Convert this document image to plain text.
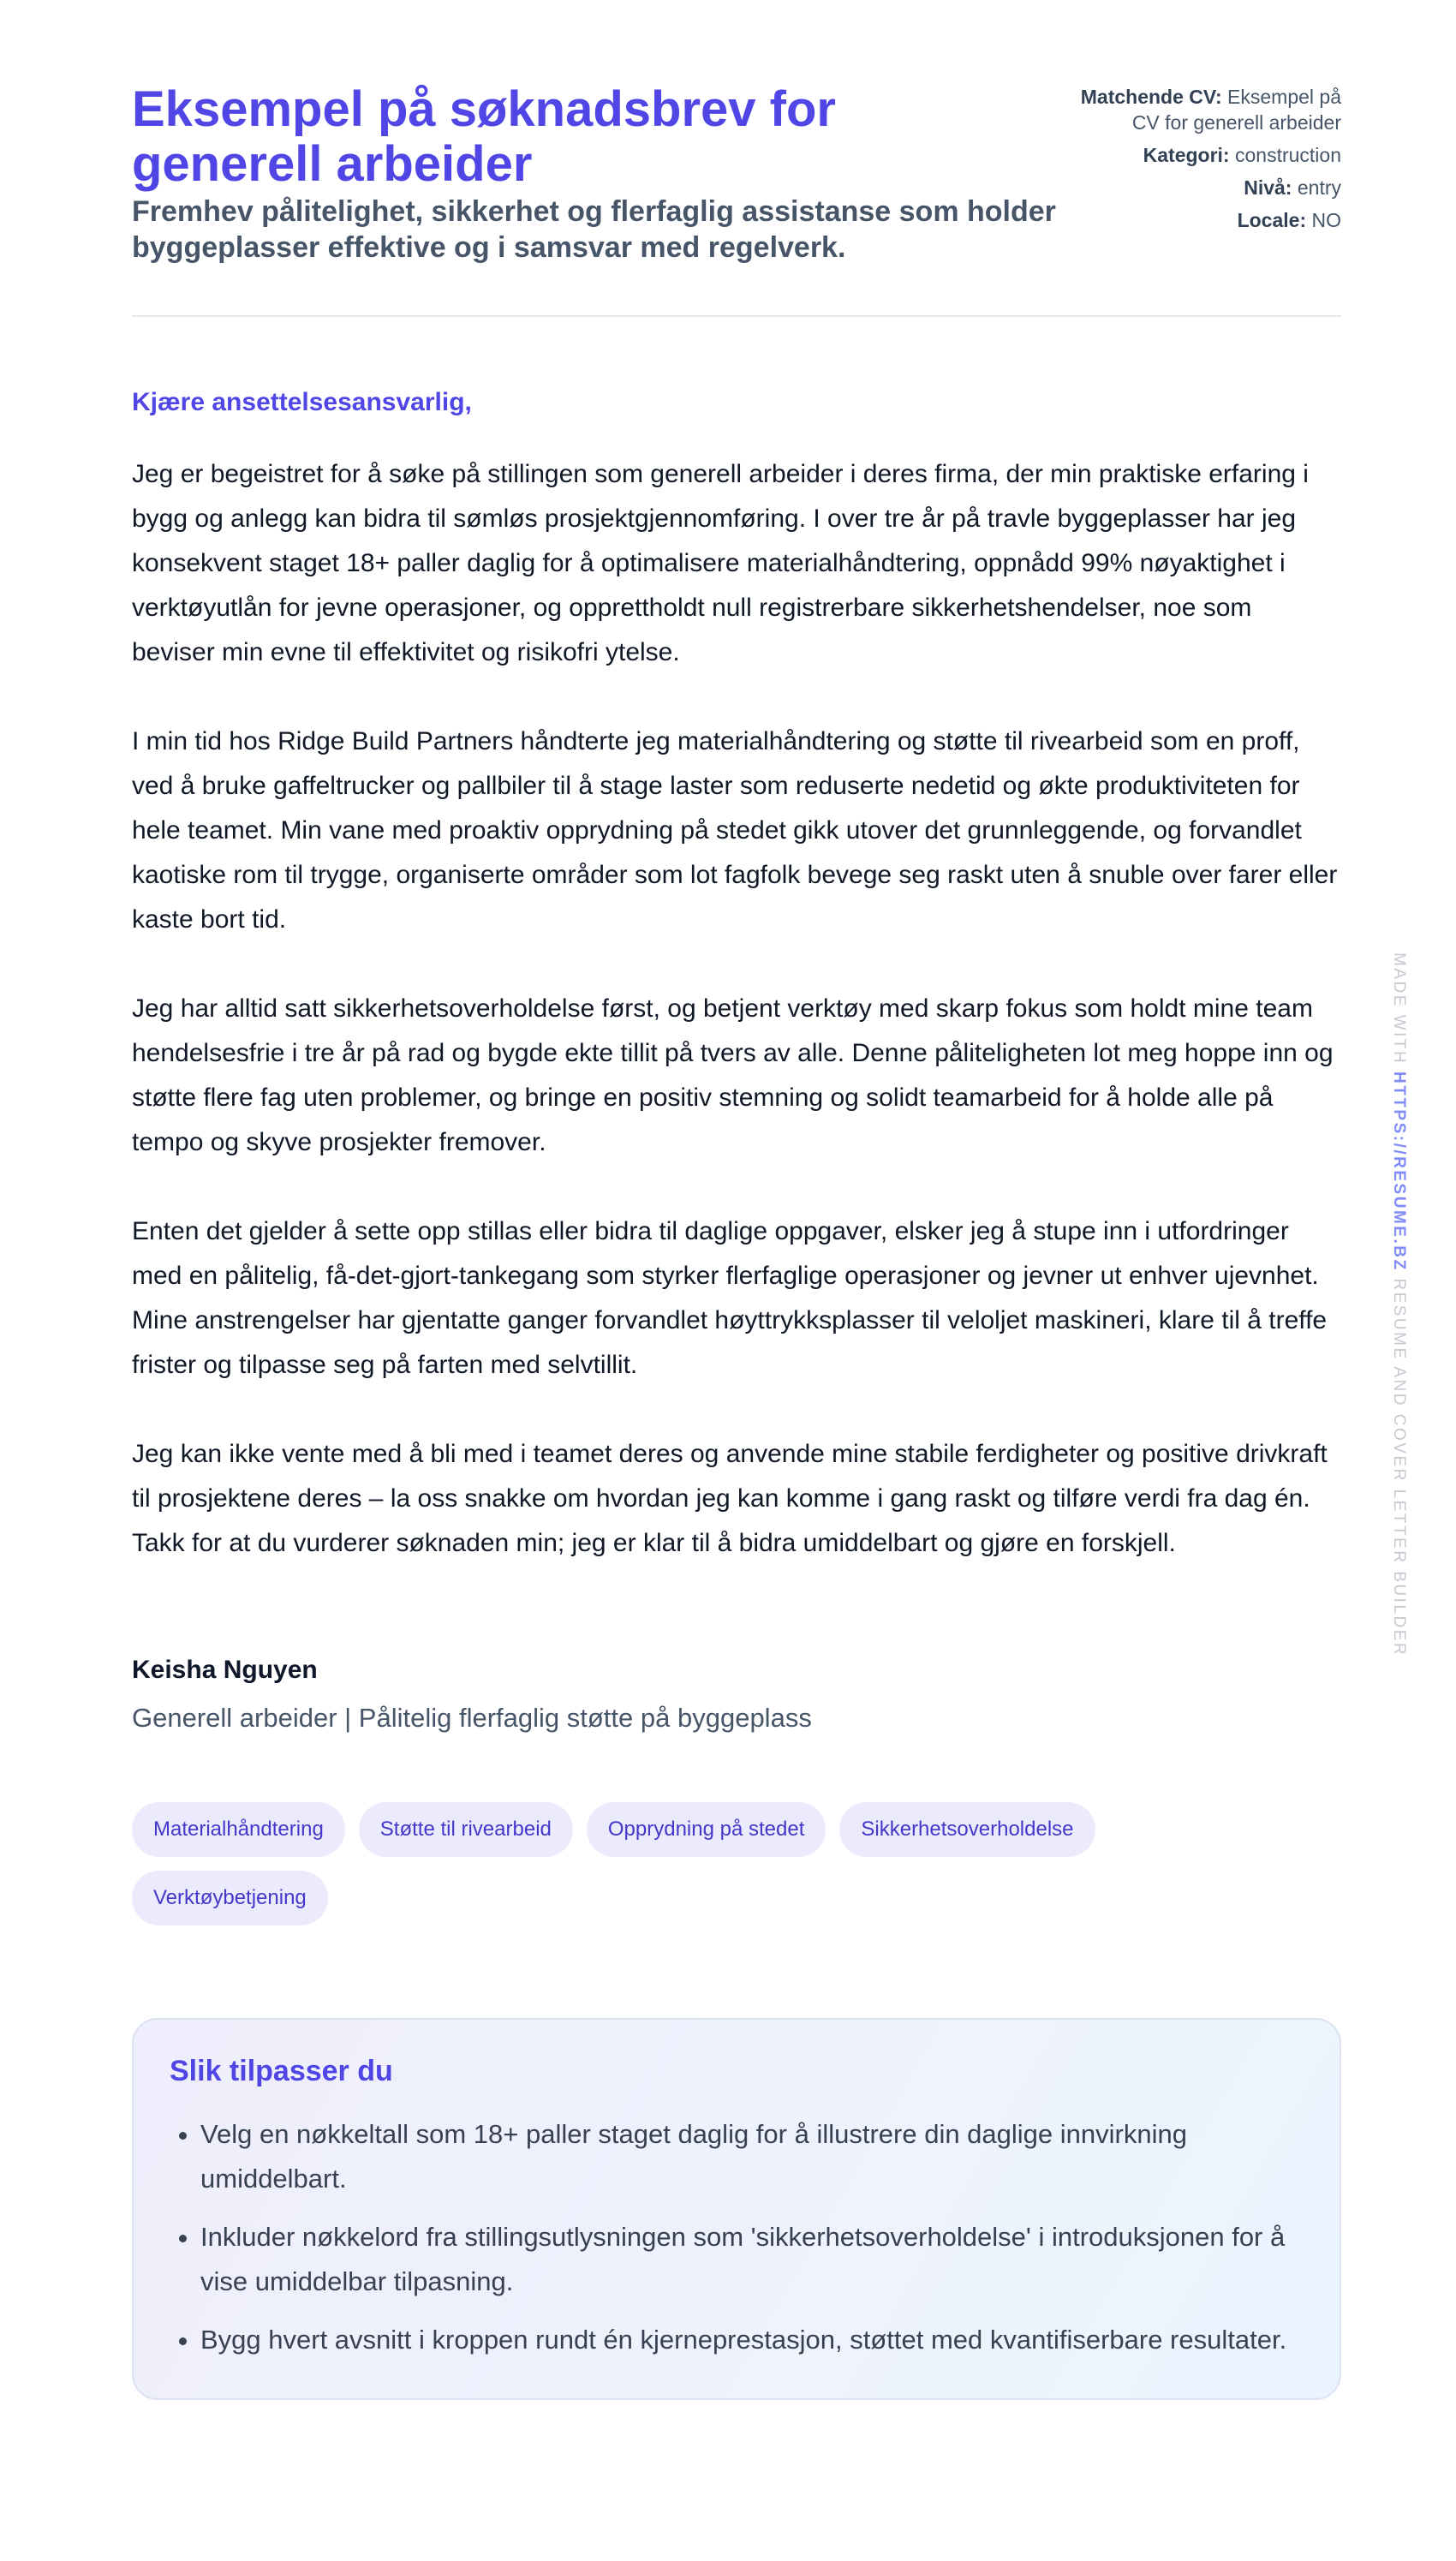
Eksempel på søknadsbrev for generell arbeider
Fremhev pålitelighet, sikkerhet og flerfaglig assistanse som holder byggeplasser effektive og i samsvar med regelverk.
Matchende CV: Eksempel på CV for generell arbeider
Kategori: construction
Nivå: entry
Locale: NO

Kjære ansettelsesansvarlig,

Jeg er begeistret for å søke på stillingen som generell arbeider i deres firma, der min praktiske erfaring i bygg og anlegg kan bidra til sømløs prosjektgjennomføring. I over tre år på travle byggeplasser har jeg konsekvent staget 18+ paller daglig for å optimalisere materialhåndtering, oppnådd 99% nøyaktighet i verktøyutlån for jevne operasjoner, og opprettholdt null registrerbare sikkerhetshendelser, noe som beviser min evne til effektivitet og risikofri ytelse.

I min tid hos Ridge Build Partners håndterte jeg materialhåndtering og støtte til rivearbeid som en proff, ved å bruke gaffeltrucker og pallbiler til å stage laster som reduserte nedetid og økte produktiviteten for hele teamet. Min vane med proaktiv opprydning på stedet gikk utover det grunnleggende, og forvandlet kaotiske rom til trygge, organiserte områder som lot fagfolk bevege seg raskt uten å snuble over farer eller kaste bort tid.

Jeg har alltid satt sikkerhetsoverholdelse først, og betjent verktøy med skarp fokus som holdt mine team hendelsesfrie i tre år på rad og bygde ekte tillit på tvers av alle. Denne påliteligheten lot meg hoppe inn og støtte flere fag uten problemer, og bringe en positiv stemning og solidt teamarbeid for å holde alle på tempo og skyve prosjekter fremover.

Enten det gjelder å sette opp stillas eller bidra til daglige oppgaver, elsker jeg å stupe inn i utfordringer med en pålitelig, få-det-gjort-tankegang som styrker flerfaglige operasjoner og jevner ut enhver ujevnhet. Mine anstrengelser har gjentatte ganger forvandlet høyttrykksplasser til veloljet maskineri, klare til å treffe frister og tilpasse seg på farten med selvtillit.

Jeg kan ikke vente med å bli med i teamet deres og anvende mine stabile ferdigheter og positive drivkraft til prosjektene deres – la oss snakke om hvordan jeg kan komme i gang raskt og tilføre verdi fra dag én. Takk for at du vurderer søknaden min; jeg er klar til å bidra umiddelbart og gjøre en forskjell.

Keisha Nguyen

Generell arbeider | Pålitelig flerfaglig støtte på byggeplass

Materialhåndtering	Støtte til rivearbeid	Opprydning på stedet	Sikkerhetsoverholdelse
Verktøybetjening
Slik tilpasser du
• Velg en nøkkeltall som 18+ paller staget daglig for å illustrere din daglige innvirkning umiddelbart.
• Inkluder nøkkelord fra stillingsutlysningen som 'sikkerhetsoverholdelse' i introduksjonen for å vise umiddelbar tilpasning.
• Bygg hvert avsnitt i kroppen rundt én kjerneprestasjon, støttet med kvantifiserbare resultater.
MADE WITH HTTPS://RESUME.BZ RESUME AND COVER LETTER BUILDER
